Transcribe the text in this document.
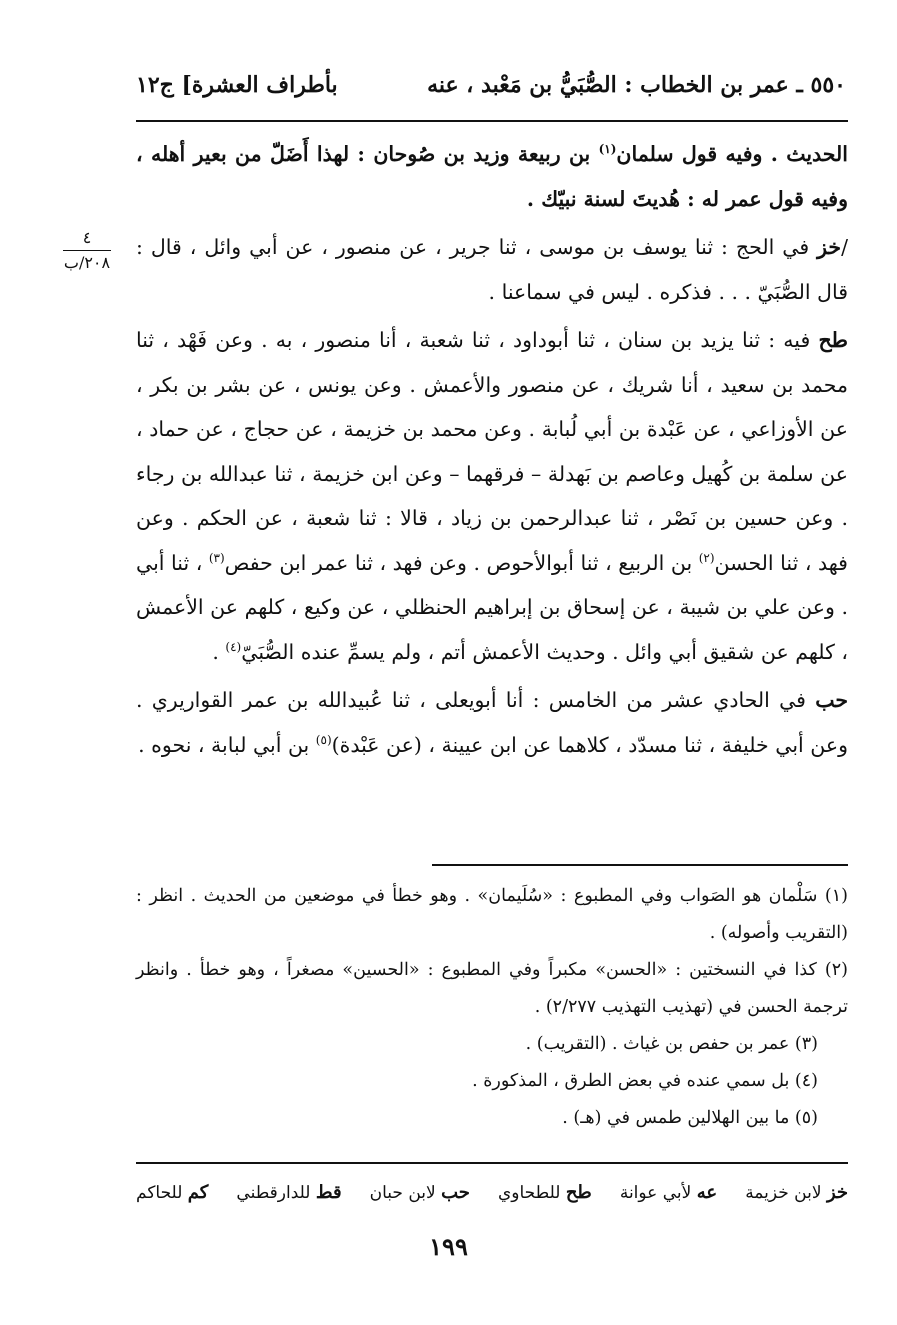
٥٥٠ ـ عمر بن الخطاب : الصُّبَيُّ بن مَعْبد ، عنه
بأطراف العشرة] ج١٢
٤
٢٠٨/ب

الحديث . وفيه قول سلمان$^{(١)}$ بن ربيعة وزيد بن صُوحان : لهذا أَضَلّ من بعير أهله ، وفيه قول عمر له : هُديتَ لسنة نبيّك .

/خز في الحج : ثنا يوسف بن موسى ، ثنا جرير ، عن منصور ، عن أبي وائل ، قال : قال الصُّبَيّ . . . فذكره . ليس في سماعنا .

طح فيه : ثنا يزيد بن سنان ، ثنا أبوداود ، ثنا شعبة ، أنا منصور ، به . وعن فَهْد ، ثنا محمد بن سعيد ، أنا شريك ، عن منصور والأعمش . وعن يونس ، عن بشر بن بكر ، عن الأوزاعي ، عن عَبْدة بن أبي لُبابة . وعن محمد بن خزيمة ، عن حجاج ، عن حماد ، عن سلمة بن كُهيل وعاصم بن بَهدلة – فرقهما – وعن ابن خزيمة ، ثنا عبدالله بن رجاء . وعن حسين بن نَصْر ، ثنا عبدالرحمن بن زياد ، قالا : ثنا شعبة ، عن الحكم . وعن فهد ، ثنا الحسن$^{(٢)}$ بن الربيع ، ثنا أبوالأحوص . وعن فهد ، ثنا عمر ابن حفص$^{(٣)}$ ، ثنا أبي . وعن علي بن شيبة ، عن إسحاق بن إبراهيم الحنظلي ، عن وكيع ، كلهم عن الأعمش ، كلهم عن شقيق أبي وائل . وحديث الأعمش أتم ، ولم يسمِّ عنده الصُّبَيّ$^{(٤)}$ .

حب في الحادي عشر من الخامس : أنا أبويعلى ، ثنا عُبيدالله بن عمر القواريري . وعن أبي خليفة ، ثنا مسدّد ، كلاهما عن ابن عيينة ، (عن عَبْدة)$^{(٥)}$ بن أبي لبابة ، نحوه .

(١) سَلْمان هو الصَواب وفي المطبوع : «سُلَيمان» . وهو خطأ في موضعين من الحديث . انظر : (التقريب وأصوله) .

(٢) كذا في النسختين : «الحسن» مكبراً وفي المطبوع : «الحسين» مصغراً ، وهو خطأ . وانظر ترجمة الحسن في (تهذيب التهذيب ٢/٢٧٧) .

(٣) عمر بن حفص بن غياث . (التقريب) .

(٤) بل سمي عنده في بعض الطرق ، المذكورة .

(٥) ما بين الهلالين طمس في (هـ) .

خز لابن خزيمة
عه لأبي عوانة
طح للطحاوي
حب لابن حبان
قط للدارقطني
كم للحاكم
١٩٩
